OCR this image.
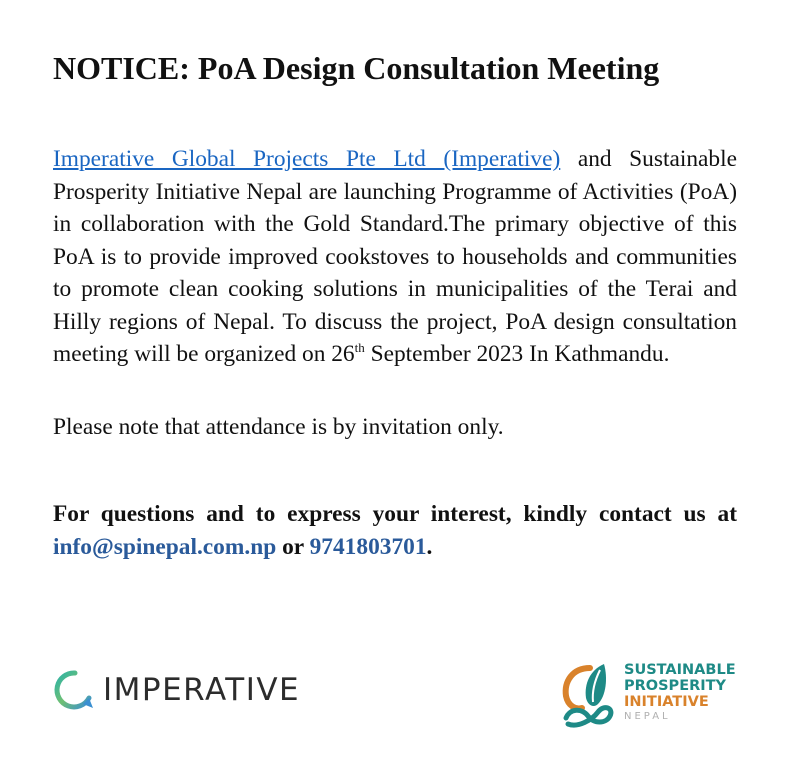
NOTICE: PoA Design Consultation Meeting

Imperative Global Projects Pte Ltd (Imperative) and Sustainable Prosperity Initiative Nepal are launching Programme of Activities (PoA) in collaboration with the Gold Standard.The primary objective of this PoA is to provide improved cookstoves to households and communities to promote clean cooking solutions in municipalities of the Terai and Hilly regions of Nepal. To discuss the project, PoA design consultation meeting will be organized on 26th September 2023 In Kathmandu.

Please note that attendance is by invitation only.

For questions and to express your interest, kindly contact us at info@spinepal.com.np or 9741803701.

IMPERATIVE
SUSTAINABLE
PROSPERITY
INITIATIVE
NEPAL
